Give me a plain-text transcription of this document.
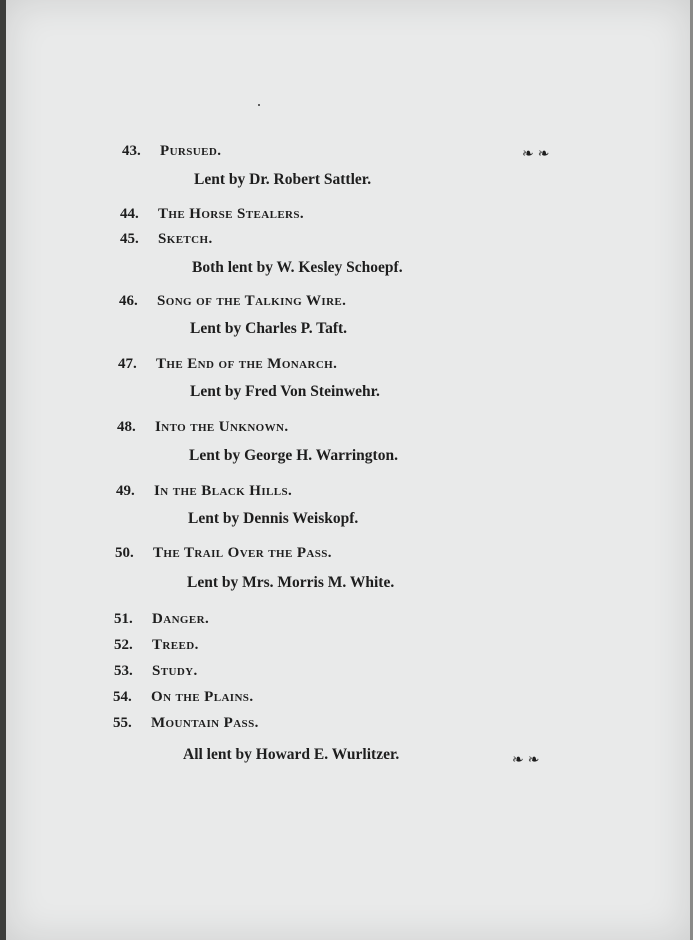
43. Pursued.	❧❧
Lent by Dr. Robert Sattler.
44. The Horse Stealers.
45. Sketch.
Both lent by W. Kesley Schoepf.
46. Song of the Talking Wire.
Lent by Charles P. Taft.
47. The End of the Monarch.
Lent by Fred Von Steinwehr.
48. Into the Unknown.
Lent by George H. Warrington.
49. In the Black Hills.
Lent by Dennis Weiskopf.
50. The Trail Over the Pass.
Lent by Mrs. Morris M. White.
51. Danger.
52. Treed.
53. Study.
54. On the Plains.
55. Mountain Pass.
All lent by Howard E. Wurlitzer.	❧❧
